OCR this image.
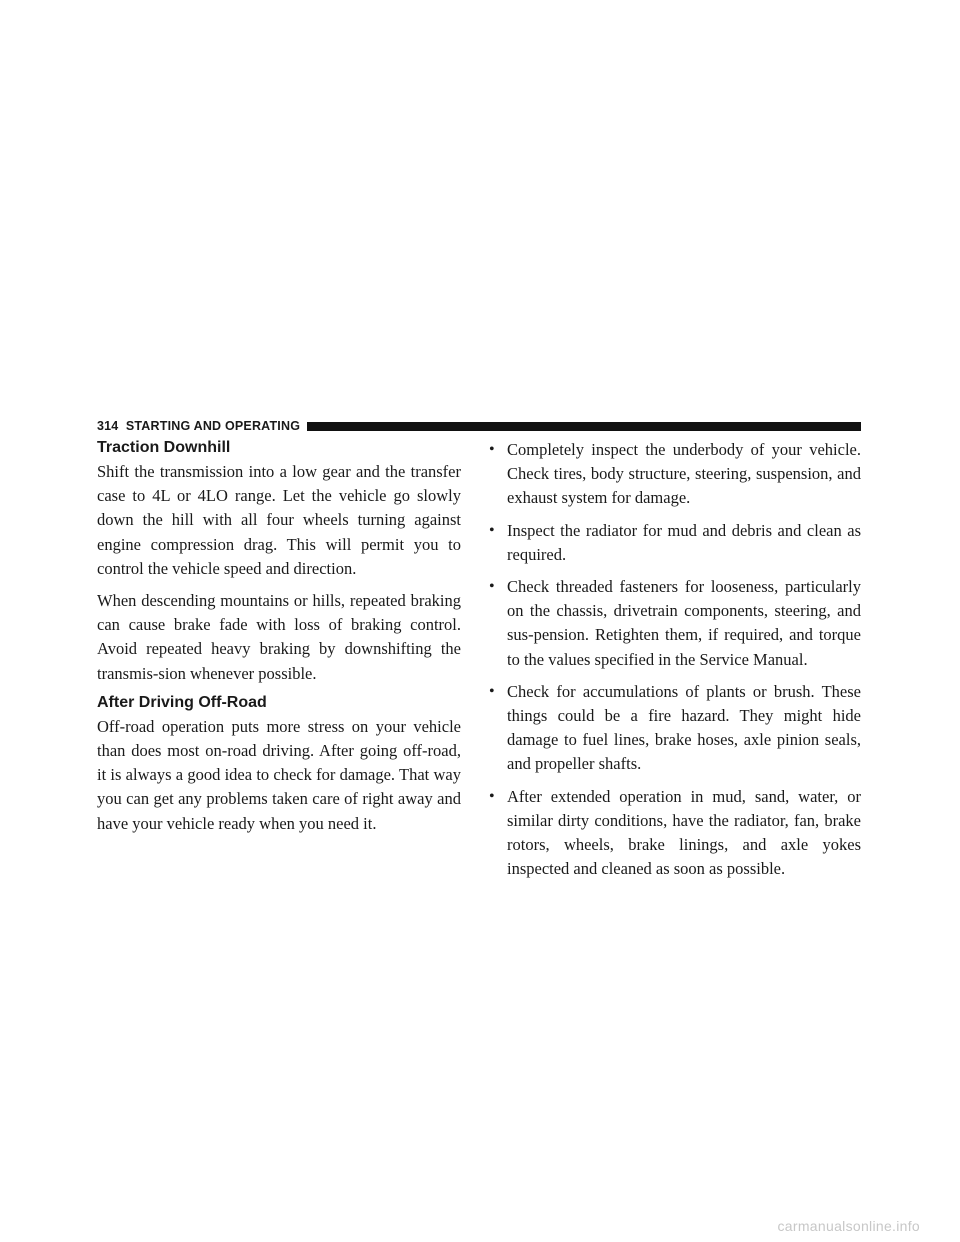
314 STARTING AND OPERATING
Traction Downhill

Shift the transmission into a low gear and the transfer case to 4L or 4LO range. Let the vehicle go slowly down the hill with all four wheels turning against engine compression drag. This will permit you to control the vehicle speed and direction.

When descending mountains or hills, repeated braking can cause brake fade with loss of braking control. Avoid repeated heavy braking by downshifting the transmis-sion whenever possible.

After Driving Off-Road

Off-road operation puts more stress on your vehicle than does most on-road driving. After going off-road, it is always a good idea to check for damage. That way you can get any problems taken care of right away and have your vehicle ready when you need it.

• Completely inspect the underbody of your vehicle. Check tires, body structure, steering, suspension, and exhaust system for damage.
• Inspect the radiator for mud and debris and clean as required.
• Check threaded fasteners for looseness, particularly on the chassis, drivetrain components, steering, and sus-pension. Retighten them, if required, and torque to the values specified in the Service Manual.
• Check for accumulations of plants or brush. These things could be a fire hazard. They might hide damage to fuel lines, brake hoses, axle pinion seals, and propeller shafts.
• After extended operation in mud, sand, water, or similar dirty conditions, have the radiator, fan, brake rotors, wheels, brake linings, and axle yokes inspected and cleaned as soon as possible.
carmanualsonline.info
